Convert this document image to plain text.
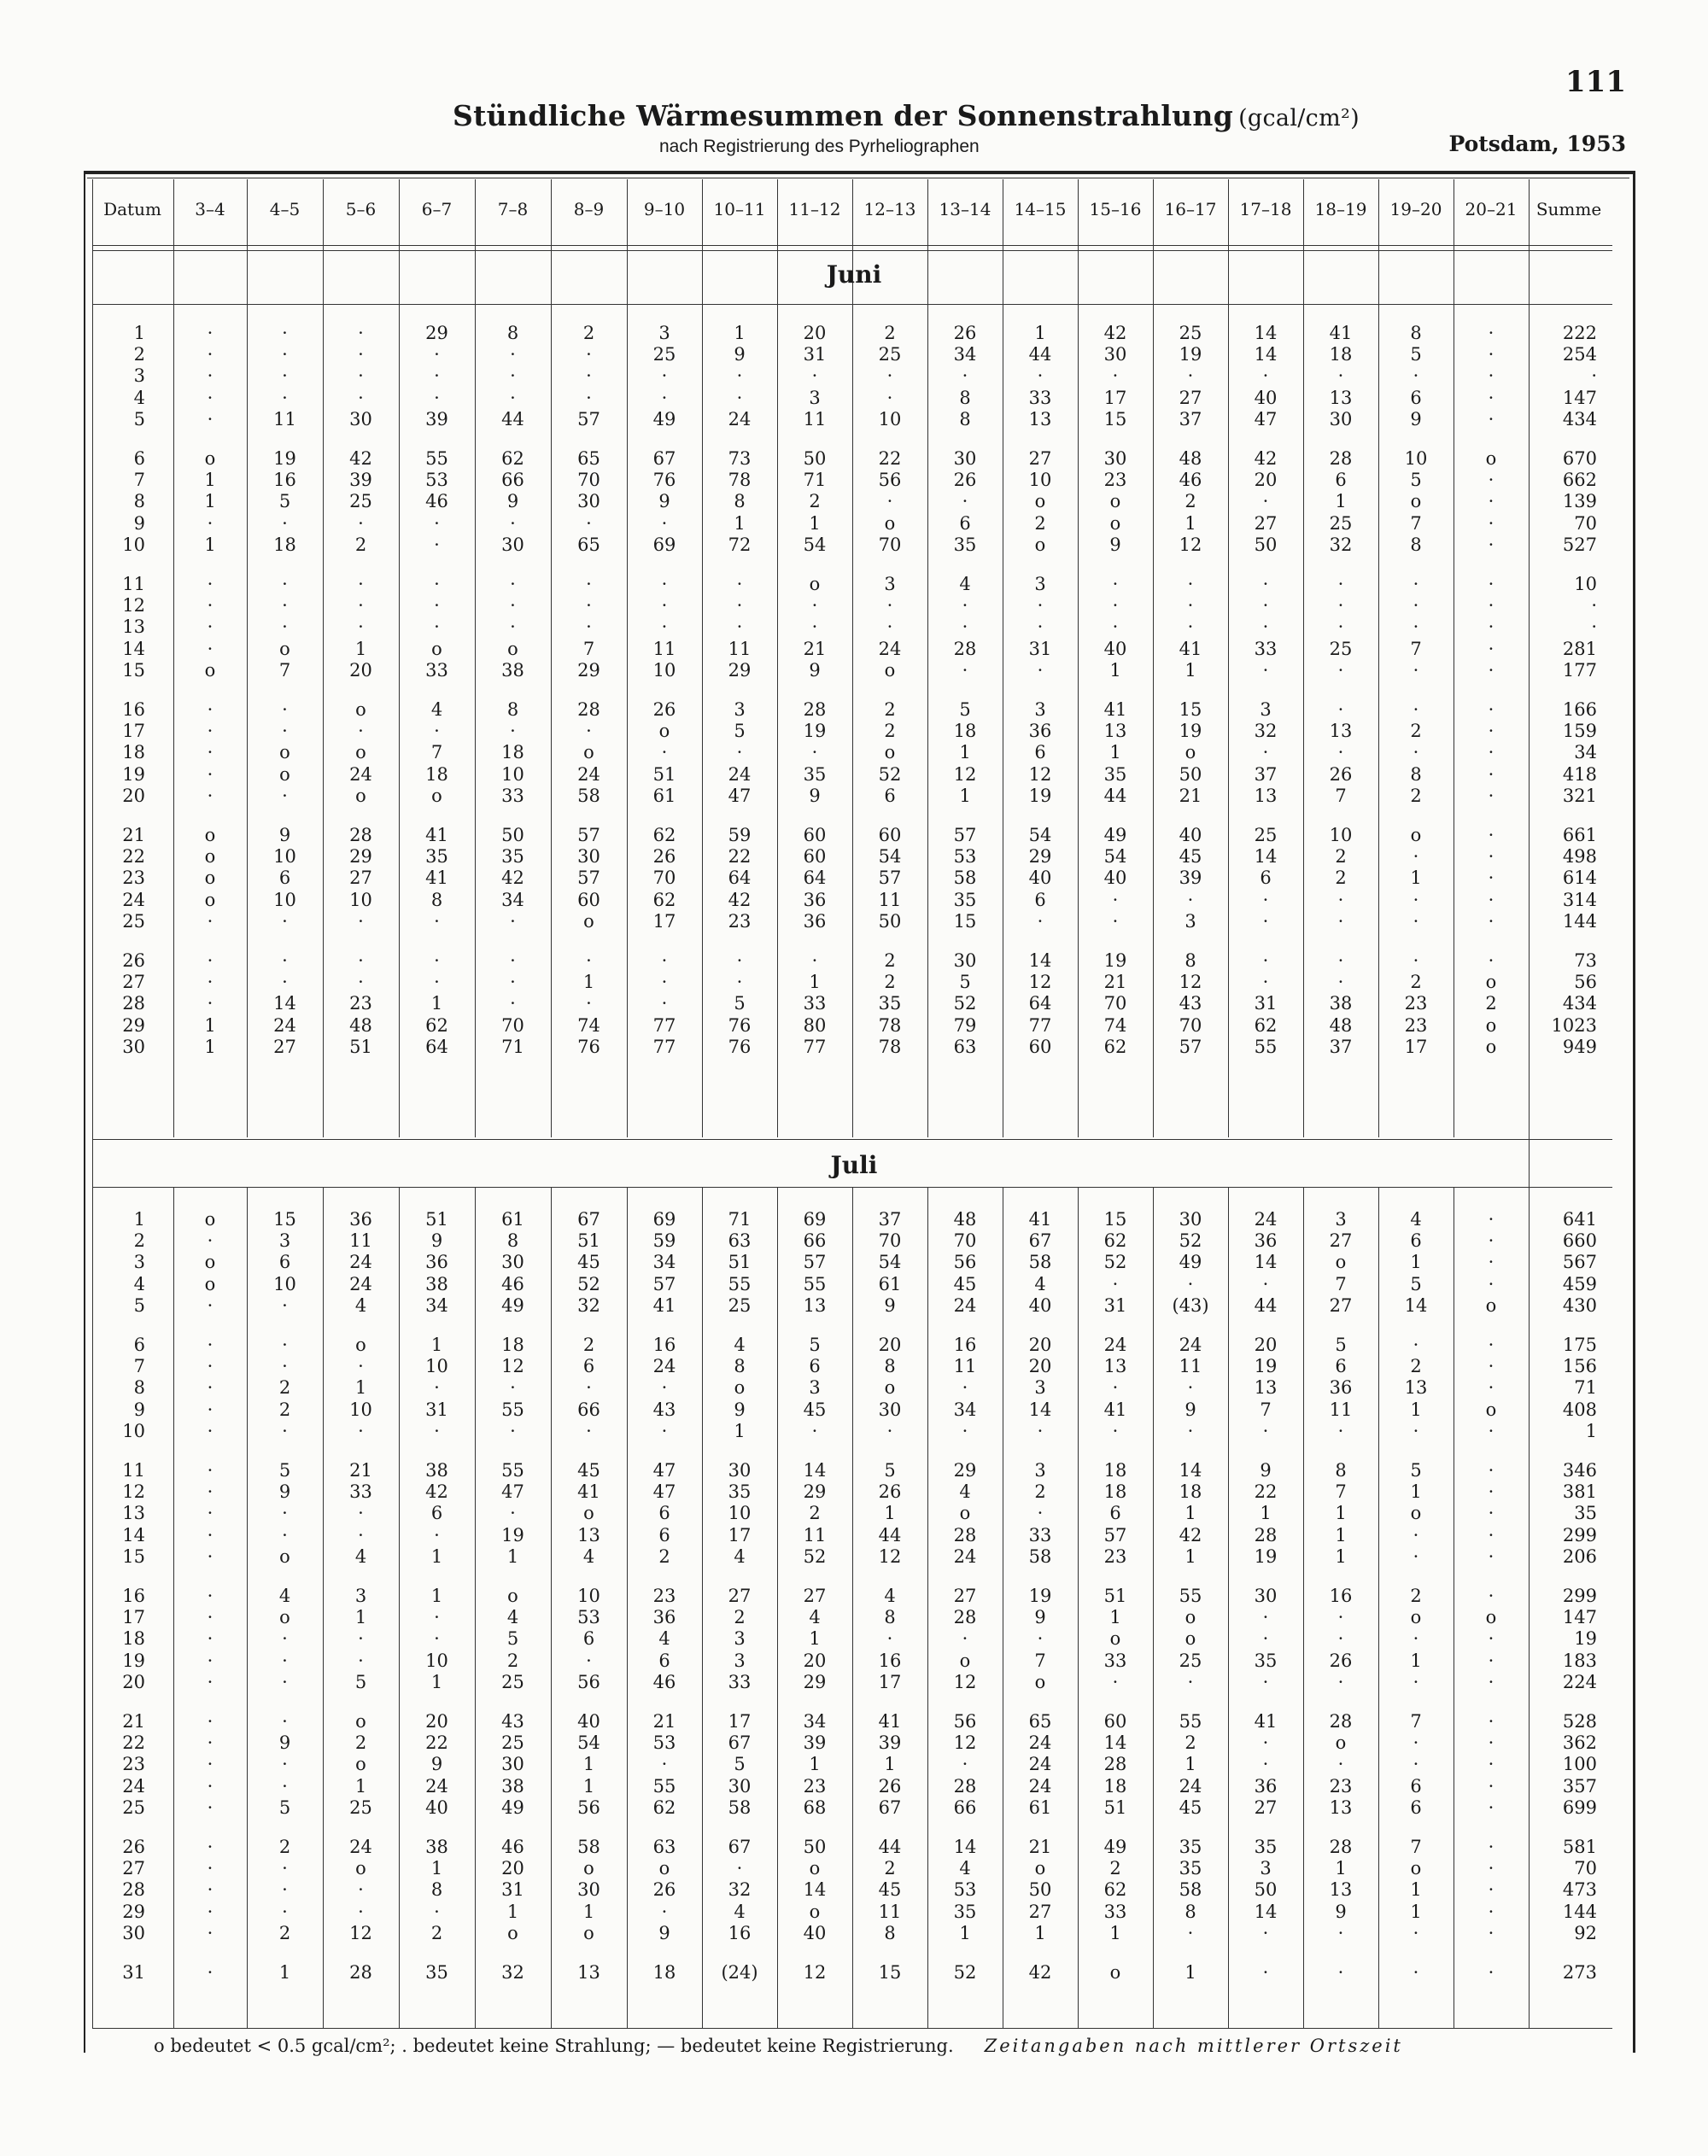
111
Stündliche Wärmesummen der Sonnenstrahlung (gcal/cm²)
nach Registrierung des Pyrheliographen	Potsdam, 1953
Datum	3–4	4–5	5–6	6–7	7–8	8–9	9–10	10–11	11–12	12–13	13–14	14–15	15–16	16–17	17–18	18–19	19–20	20–21	Summe
Juni
1	·	·	·	29	8	2	3	1	20	2	26	1	42	25	14	41	8	·	222
2	·	·	·	·	·	·	25	9	31	25	34	44	30	19	14	18	5	·	254
3	·	·	·	·	·	·	·	·	·	·	·	·	·	·	·	·	·	·	·
4	·	·	·	·	·	·	·	·	3	·	8	33	17	27	40	13	6	·	147
5	·	11	30	39	44	57	49	24	11	10	8	13	15	37	47	30	9	·	434
6	o	19	42	55	62	65	67	73	50	22	30	27	30	48	42	28	10	o	670
7	1	16	39	53	66	70	76	78	71	56	26	10	23	46	20	6	5	·	662
8	1	5	25	46	9	30	9	8	2	·	·	o	o	2	·	1	o	·	139
9	·	·	·	·	·	·	·	1	1	o	6	2	o	1	27	25	7	·	70
10	1	18	2	·	30	65	69	72	54	70	35	o	9	12	50	32	8	·	527
11	·	·	·	·	·	·	·	·	o	3	4	3	·	·	·	·	·	·	10
12	·	·	·	·	·	·	·	·	·	·	·	·	·	·	·	·	·	·	·
13	·	·	·	·	·	·	·	·	·	·	·	·	·	·	·	·	·	·	·
14	·	o	1	o	o	7	11	11	21	24	28	31	40	41	33	25	7	·	281
15	o	7	20	33	38	29	10	29	9	o	·	·	1	1	·	·	·	·	177
16	·	·	o	4	8	28	26	3	28	2	5	3	41	15	3	·	·	·	166
17	·	·	·	·	·	·	o	5	19	2	18	36	13	19	32	13	2	·	159
18	·	o	o	7	18	o	·	·	·	o	1	6	1	o	·	·	·	·	34
19	·	o	24	18	10	24	51	24	35	52	12	12	35	50	37	26	8	·	418
20	·	·	o	o	33	58	61	47	9	6	1	19	44	21	13	7	2	·	321
21	o	9	28	41	50	57	62	59	60	60	57	54	49	40	25	10	o	·	661
22	o	10	29	35	35	30	26	22	60	54	53	29	54	45	14	2	·	·	498
23	o	6	27	41	42	57	70	64	64	57	58	40	40	39	6	2	1	·	614
24	o	10	10	8	34	60	62	42	36	11	35	6	·	·	·	·	·	·	314
25	·	·	·	·	·	o	17	23	36	50	15	·	·	3	·	·	·	·	144
26	·	·	·	·	·	·	·	·	·	2	30	14	19	8	·	·	·	·	73
27	·	·	·	·	·	1	·	·	1	2	5	12	21	12	·	·	2	o	56
28	·	14	23	1	·	·	·	5	33	35	52	64	70	43	31	38	23	2	434
29	1	24	48	62	70	74	77	76	80	78	79	77	74	70	62	48	23	o	1023
30	1	27	51	64	71	76	77	76	77	78	63	60	62	57	55	37	17	o	949
Juli
1	o	15	36	51	61	67	69	71	69	37	48	41	15	30	24	3	4	·	641
2	·	3	11	9	8	51	59	63	66	70	70	67	62	52	36	27	6	·	660
3	o	6	24	36	30	45	34	51	57	54	56	58	52	49	14	o	1	·	567
4	o	10	24	38	46	52	57	55	55	61	45	4	·	·	·	7	5	·	459
5	·	·	4	34	49	32	41	25	13	9	24	40	31	(43)	44	27	14	o	430
6	·	·	o	1	18	2	16	4	5	20	16	20	24	24	20	5	·	·	175
7	·	·	·	10	12	6	24	8	6	8	11	20	13	11	19	6	2	·	156
8	·	2	1	·	·	·	·	o	3	o	·	3	·	·	13	36	13	·	71
9	·	2	10	31	55	66	43	9	45	30	34	14	41	9	7	11	1	o	408
10	·	·	·	·	·	·	·	1	·	·	·	·	·	·	·	·	·	·	1
11	·	5	21	38	55	45	47	30	14	5	29	3	18	14	9	8	5	·	346
12	·	9	33	42	47	41	47	35	29	26	4	2	18	18	22	7	1	·	381
13	·	·	·	6	·	o	6	10	2	1	o	·	6	1	1	1	o	·	35
14	·	·	·	·	19	13	6	17	11	44	28	33	57	42	28	1	·	·	299
15	·	o	4	1	1	4	2	4	52	12	24	58	23	1	19	1	·	·	206
16	·	4	3	1	o	10	23	27	27	4	27	19	51	55	30	16	2	·	299
17	·	o	1	·	4	53	36	2	4	8	28	9	1	o	·	·	o	o	147
18	·	·	·	·	5	6	4	3	1	·	·	·	o	o	·	·	·	·	19
19	·	·	·	10	2	·	6	3	20	16	o	7	33	25	35	26	1	·	183
20	·	·	5	1	25	56	46	33	29	17	12	o	·	·	·	·	·	·	224
21	·	·	o	20	43	40	21	17	34	41	56	65	60	55	41	28	7	·	528
22	·	9	2	22	25	54	53	67	39	39	12	24	14	2	·	o	·	·	362
23	·	·	o	9	30	1	·	5	1	1	·	24	28	1	·	·	·	·	100
24	·	·	1	24	38	1	55	30	23	26	28	24	18	24	36	23	6	·	357
25	·	5	25	40	49	56	62	58	68	67	66	61	51	45	27	13	6	·	699
26	·	2	24	38	46	58	63	67	50	44	14	21	49	35	35	28	7	·	581
27	·	·	o	1	20	o	o	·	o	2	4	o	2	35	3	1	o	·	70
28	·	·	·	8	31	30	26	32	14	45	53	50	62	58	50	13	1	·	473
29	·	·	·	·	1	1	·	4	o	11	35	27	33	8	14	9	1	·	144
30	·	2	12	2	o	o	9	16	40	8	1	1	1	·	·	·	·	·	92
31	·	1	28	35	32	13	18	(24)	12	15	52	42	o	1	·	·	·	·	273
o bedeutet < 0.5 gcal/cm²; . bedeutet keine Strahlung; — bedeutet keine Registrierung. Zeitangaben nach mittlerer Ortszeit
